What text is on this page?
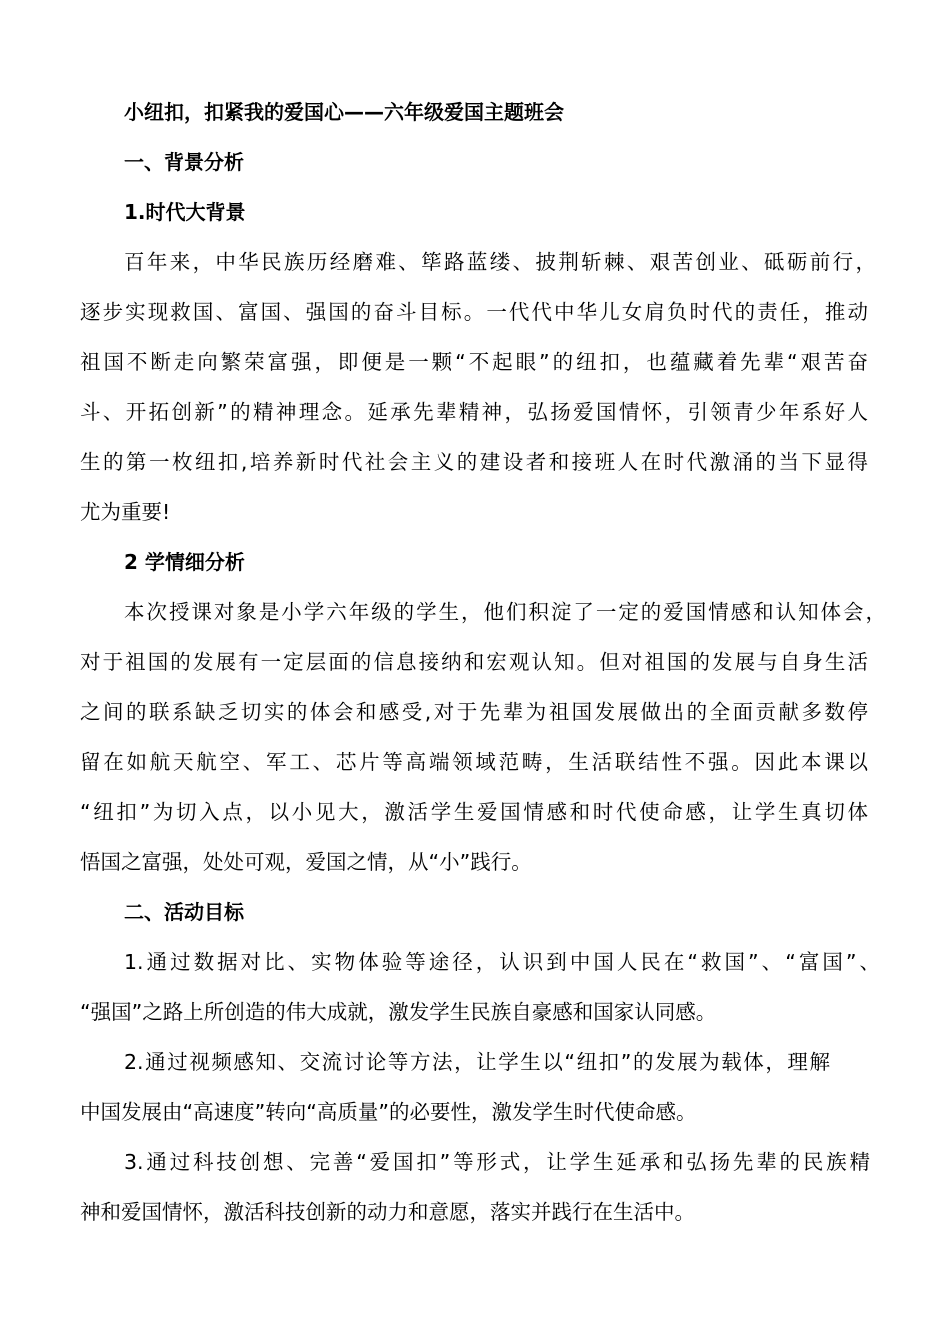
小纽扣，扣紧我的爱国心——六年级爱国主题班会
一、背景分析
1.时代大背景
百年来，中华民族历经磨难、筚路蓝缕、披荆斩棘、艰苦创业、砥砺前行，
逐步实现救国、富国、强国的奋斗目标。一代代中华儿女肩负时代的责任，推动
祖国不断走向繁荣富强，即便是一颗“不起眼”的纽扣，也蕴藏着先辈“艰苦奋
斗、开拓创新”的精神理念。延承先辈精神，弘扬爱国情怀，引领青少年系好人
生的第一枚纽扣,培养新时代社会主义的建设者和接班人在时代激涌的当下显得
尤为重要!
2 学情细分析
本次授课对象是小学六年级的学生，他们积淀了一定的爱国情感和认知体会，
对于祖国的发展有一定层面的信息接纳和宏观认知。但对祖国的发展与自身生活
之间的联系缺乏切实的体会和感受,对于先辈为祖国发展做出的全面贡献多数停
留在如航天航空、军工、芯片等高端领域范畴，生活联结性不强。因此本课以
“纽扣”为切入点，以小见大，激活学生爱国情感和时代使命感，让学生真切体
悟国之富强，处处可观，爱国之情，从“小”践行。
二、活动目标
1.通过数据对比、实物体验等途径，认识到中国人民在“救国”、“富国”、
“强国”之路上所创造的伟大成就，激发学生民族自豪感和国家认同感。
2.通过视频感知、交流讨论等方法，让学生以“纽扣”的发展为载体，理解
中国发展由“高速度”转向“高质量”的必要性，激发学生时代使命感。
3.通过科技创想、完善“爱国扣”等形式，让学生延承和弘扬先辈的民族精
神和爱国情怀，激活科技创新的动力和意愿，落实并践行在生活中。
